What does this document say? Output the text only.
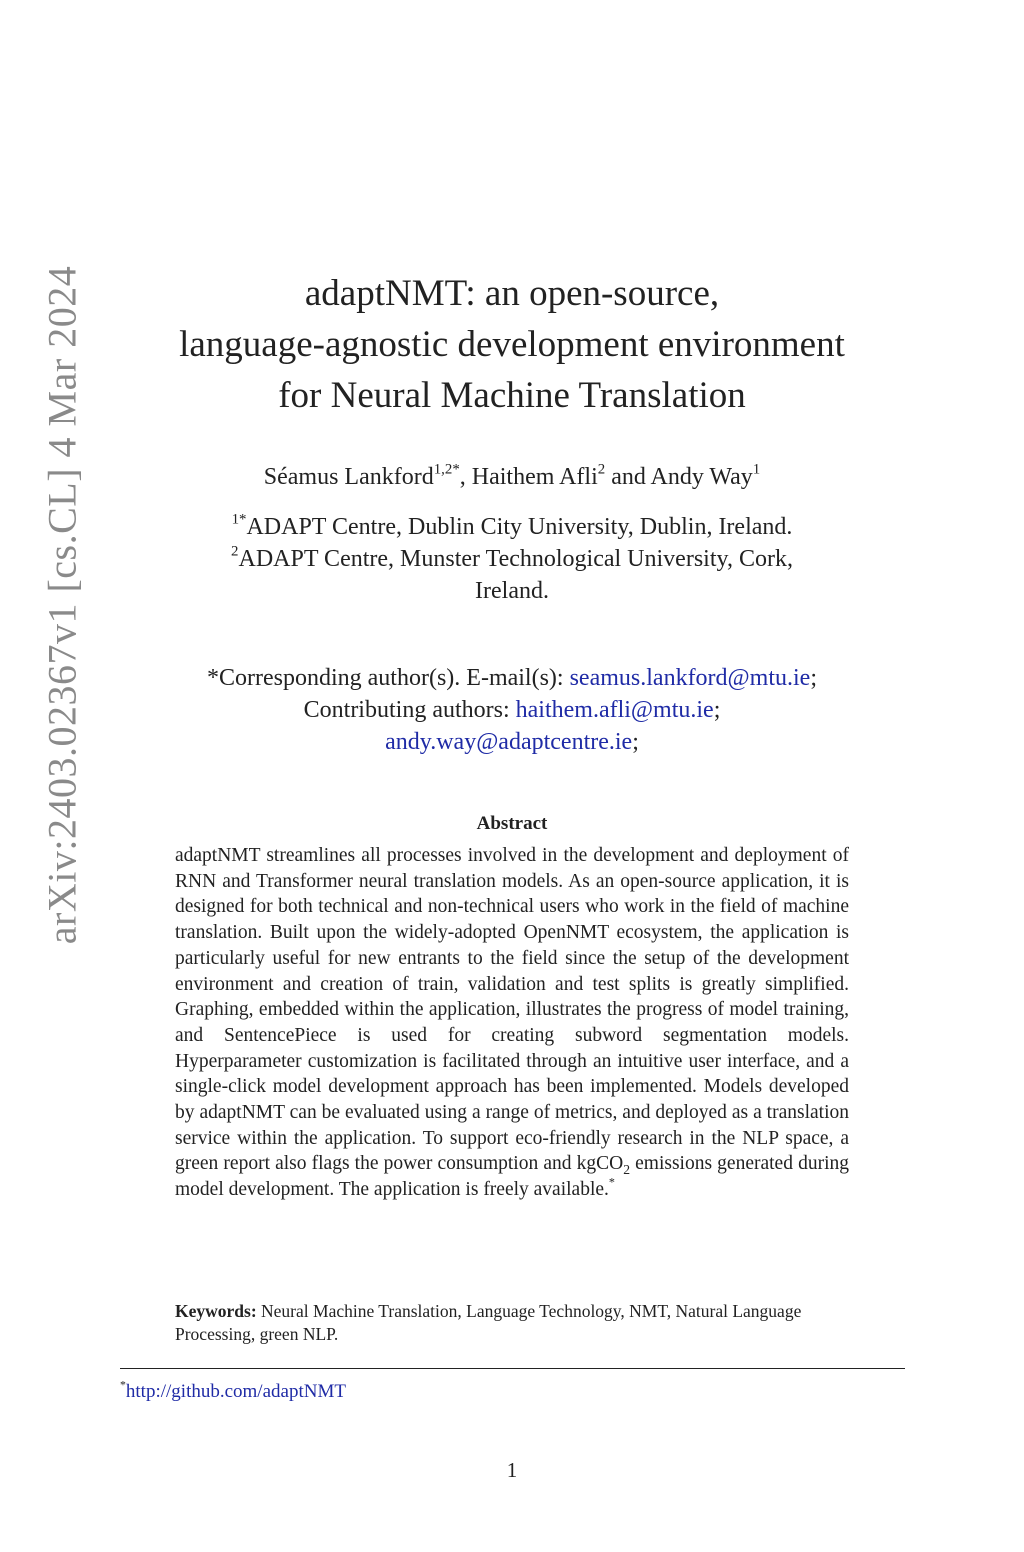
arXiv:2403.02367v1 [cs.CL] 4 Mar 2024	adaptNMT: an open-source,
language-agnostic development environment
for Neural Machine Translation
Séamus Lankford$^{1,2*}$, Haithem Afli$^2$ and Andy Way$^1$
$^{1*}$ADAPT Centre, Dublin City University, Dublin, Ireland.
$^2$ADAPT Centre, Munster Technological University, Cork,
Ireland.
*Corresponding author(s). E-mail(s): seamus.lankford@mtu.ie;
Contributing authors: haithem.afli@mtu.ie;
andy.way@adaptcentre.ie;
Abstract

adaptNMT streamlines all processes involved in the development and deployment of RNN and Transformer neural translation models. As an open-source application, it is designed for both technical and non-technical users who work in the field of machine translation. Built upon the widely-adopted OpenNMT ecosystem, the application is particularly useful for new entrants to the field since the setup of the development environment and creation of train, validation and test splits is greatly simplified. Graphing, embedded within the application, illustrates the progress of model training, and SentencePiece is used for creating subword segmentation models. Hyperparameter customization is facilitated through an intuitive user interface, and a single-click model development approach has been implemented. Models developed by adaptNMT can be evaluated using a range of metrics, and deployed as a translation service within the application. To support eco-friendly research in the NLP space, a green report also flags the power consumption and kgCO$_2$ emissions generated during model development. The application is freely available.*

Keywords: Neural Machine Translation, Language Technology, NMT, Natural Language Processing, green NLP.

*http://github.com/adaptNMT
1
